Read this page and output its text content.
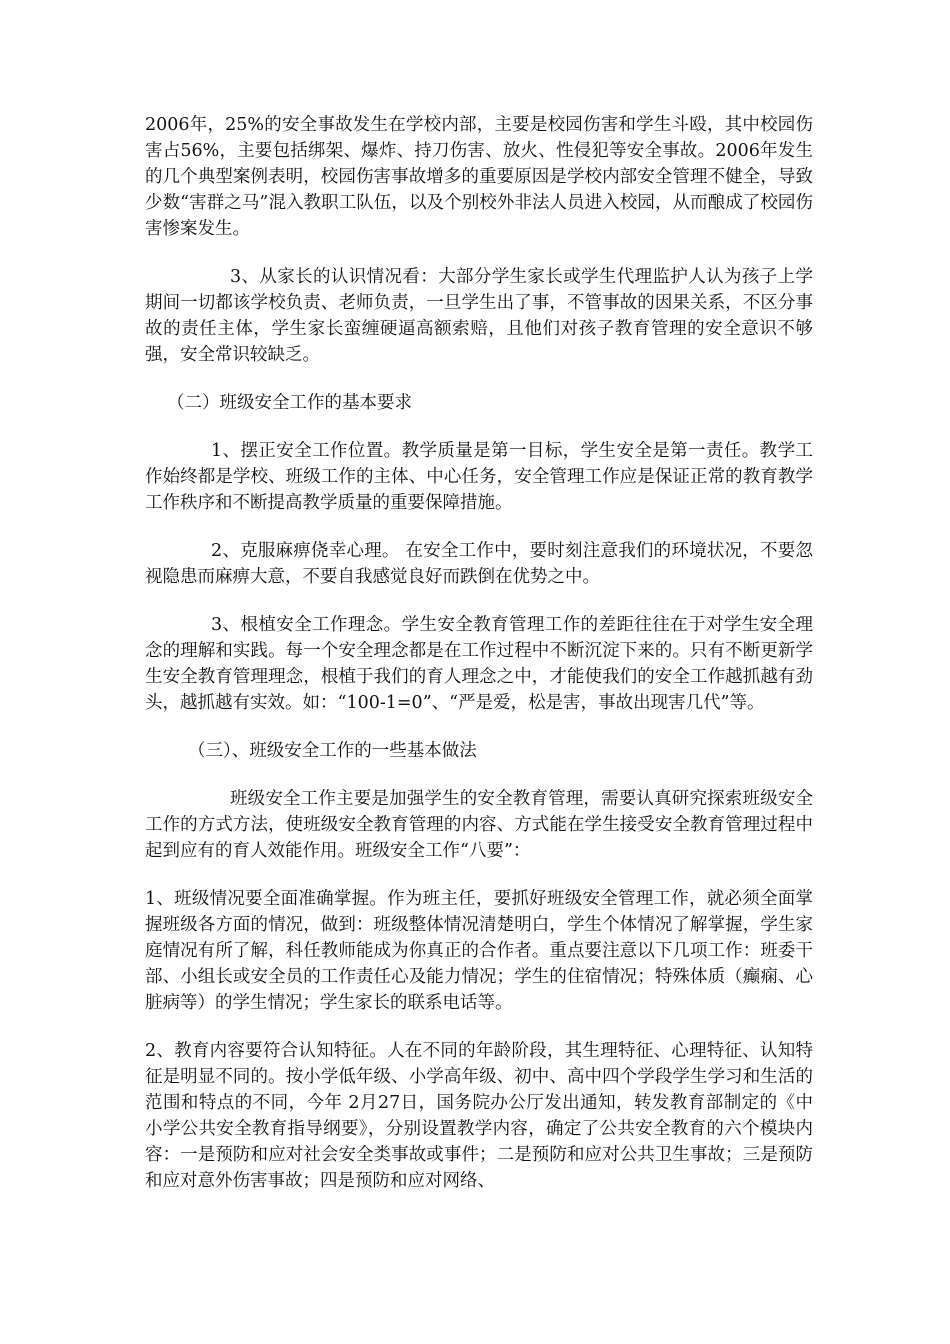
2006年，25%的安全事故发生在学校内部，主要是校园伤害和学生斗殴，其中校园伤害占56%，主要包括绑架、爆炸、持刀伤害、放火、性侵犯等安全事故。2006年发生的几个典型案例表明，校园伤害事故增多的重要原因是学校内部安全管理不健全，导致少数“害群之马”混入教职工队伍，以及个别校外非法人员进入校园，从而酿成了校园伤害惨案发生。

3、从家长的认识情况看：大部分学生家长或学生代理监护人认为孩子上学期间一切都该学校负责、老师负责，一旦学生出了事，不管事故的因果关系，不区分事故的责任主体，学生家长蛮缠硬逼高额索赔，且他们对孩子教育管理的安全意识不够强，安全常识较缺乏。

（二）班级安全工作的基本要求

1、摆正安全工作位置。教学质量是第一目标，学生安全是第一责任。教学工作始终都是学校、班级工作的主体、中心任务，安全管理工作应是保证正常的教育教学工作秩序和不断提高教学质量的重要保障措施。

2、克服麻痹侥幸心理。 在安全工作中，要时刻注意我们的环境状况，不要忽视隐患而麻痹大意，不要自我感觉良好而跌倒在优势之中。

3、根植安全工作理念。学生安全教育管理工作的差距往往在于对学生安全理念的理解和实践。每一个安全理念都是在工作过程中不断沉淀下来的。只有不断更新学生安全教育管理理念，根植于我们的育人理念之中，才能使我们的安全工作越抓越有劲头，越抓越有实效。如：“100-1=0”、“严是爱，松是害，事故出现害几代”等。

（三）、班级安全工作的一些基本做法

班级安全工作主要是加强学生的安全教育管理，需要认真研究探索班级安全工作的方式方法，使班级安全教育管理的内容、方式能在学生接受安全教育管理过程中起到应有的育人效能作用。班级安全工作“八要”：

1、班级情况要全面准确掌握。作为班主任，要抓好班级安全管理工作，就必须全面掌握班级各方面的情况，做到：班级整体情况清楚明白，学生个体情况了解掌握，学生家庭情况有所了解，科任教师能成为你真正的合作者。重点要注意以下几项工作：班委干部、小组长或安全员的工作责任心及能力情况；学生的住宿情况；特殊体质（癫痫、心脏病等）的学生情况；学生家长的联系电话等。

2、教育内容要符合认知特征。人在不同的年龄阶段，其生理特征、心理特征、认知特征是明显不同的。按小学低年级、小学高年级、初中、高中四个学段学生学习和生活的范围和特点的不同，今年 2月27日，国务院办公厅发出通知，转发教育部制定的《中小学公共安全教育指导纲要》，分别设置教学内容，确定了公共安全教育的六个模块内容：一是预防和应对社会安全类事故或事件；二是预防和应对公共卫生事故；三是预防和应对意外伤害事故；四是预防和应对网络、
